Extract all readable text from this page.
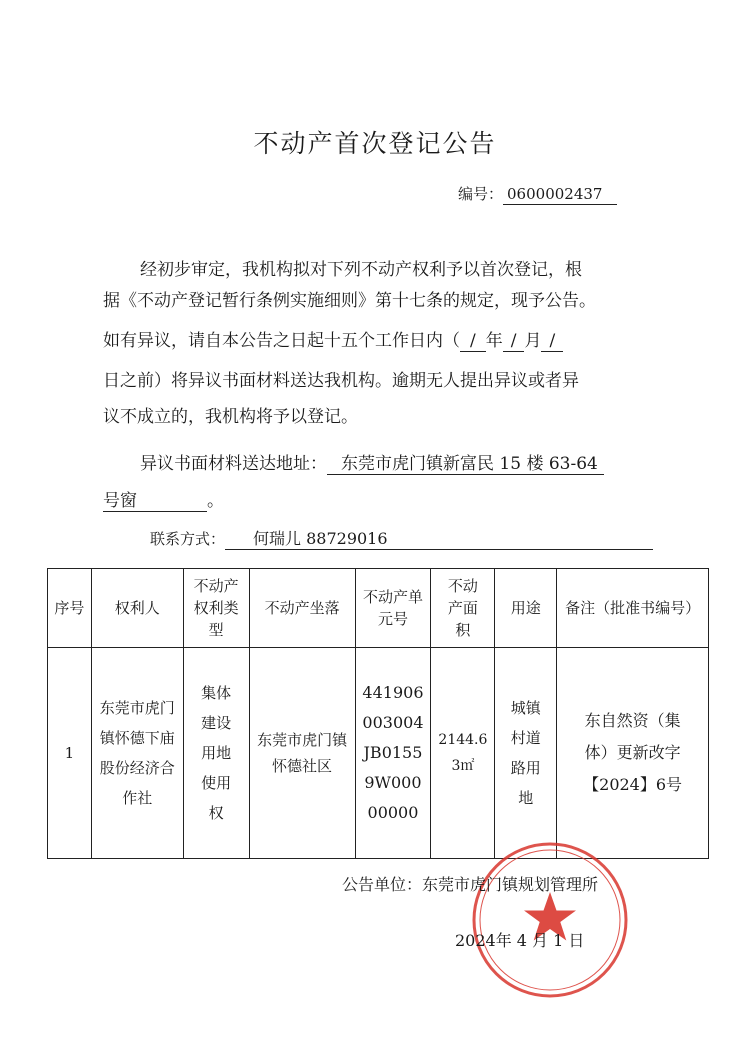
不动产首次登记公告
编号： 0600002437
经初步审定，我机构拟对下列不动产权利予以首次登记，根
据《不动产登记暂行条例实施细则》第十七条的规定，现予公告。
如有异议，请自本公告之日起十五个工作日内（ / 年 / 月 /
日之前）将异议书面材料送达我机构。逾期无人提出异议或者异
议不成立的，我机构将予以登记。
异议书面材料送达地址： 东莞市虎门镇新富民 15 楼 63-64
号窗	。
联系方式： 何瑞儿 88729016
序号	权利人	不动产权利类型	不动产坐落	不动产单元号	不动产面积	用途	备注（批准书编号）
1	东莞市虎门镇怀德下庙股份经济合作社	集体建设用地使用权	东莞市虎门镇怀德社区	441906003004JB01559W00000000	2144.63㎡	城镇村道路用地	东自然资（集体）更新改字【2024】6号
公告单位：东莞市虎门镇规划管理所
2024年 4 月 1 日
